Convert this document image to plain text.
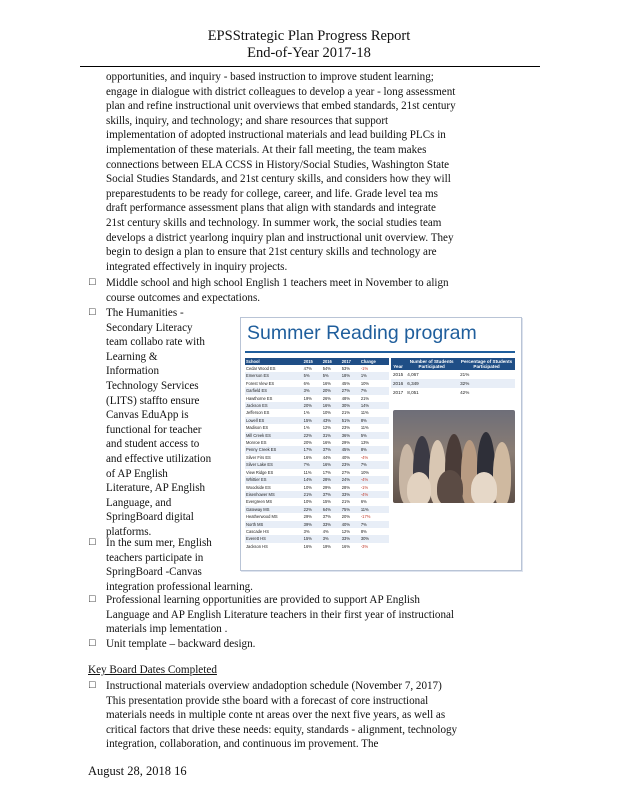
EPSStrategic Plan Progress Report
End-of-Year 2017-18
opportunities, and inquiry - based instruction to improve student learning;
engage in dialogue with district colleagues to develop a year - long assessment
plan and refine instructional unit overviews that embed standards, 21st century
skills, inquiry, and technology; and share resources that support
implementation of adopted instructional materials and lead building PLCs in
implementation of these materials. At their fall meeting, the team makes
connections between ELA CCSS in History/Social Studies, Washington State
Social Studies Standards, and 21st century skills, and considers how they will
preparestudents to be ready for college, career, and life. Grade level tea ms
draft performance assessment plans that align with standards and integrate
21st century skills and technology. In summer work, the social studies team
develops a district yearlong inquiry plan and instructional unit overview. They
begin to design a plan to ensure that 21st century skills and technology are
integrated effectively in inquiry projects.
□ Middle school and high school English 1 teachers meet in November to align
course outcomes and expectations.
□ The Humanities -
Secondary Literacy
team collabo rate with
Learning &
Information
Technology Services
(LITS) staffto ensure
Canvas EduApp is
functional for teacher
and student access to
and effective utilization
of AP English
Literature, AP English
Language, and
SpringBoard digital
platforms.
□ In the sum mer, English
teachers participate in
SpringBoard -Canvas
integration professional learning.
□ Professional learning opportunities are provided to support AP English
Language and AP English Literature teachers in their first year of instructional
materials imp lementation .
□ Unit template – backward design.
Key Board Dates Completed
□ Instructional materials overview andadoption schedule (November 7, 2017)
This presentation provide sthe board with a forecast of core instructional
materials needs in multiple conte nt areas over the next five years, as well as
critical factors that drive these needs: equity, standards - alignment, technology
integration, collaboration, and continuous im provement. The
August 28, 2018 16
Summer Reading program
School	2015	2016	2017	Change
Cedar Wood ES	47%	54%	53%	-1%
Emerson ES	5%	5%	18%	1%
Forest View ES	6%	16%	45%	10%
Garfield ES	3%	20%	27%	7%
Hawthorne ES	19%	26%	48%	21%
Jackson ES	20%	16%	30%	14%
Jefferson ES	1%	10%	21%	11%
Lowell ES	15%	43%	51%	8%
Madison ES	1%	12%	23%	11%
Mill Creek ES	22%	31%	36%	5%
Monroe ES	20%	16%	29%	13%
Penny Creek ES	17%	37%	45%	8%
Silver Firs ES	16%	44%	40%	-4%
Silver Lake ES	7%	16%	23%	7%
View Ridge ES	11%	17%	27%	10%
Whittier ES	14%	28%	24%	-4%
Woodside ES	10%	29%	28%	-1%
Eisenhower MS	21%	37%	33%	-4%
Evergreen MS	10%	15%	21%	6%
Gateway MS	22%	64%	75%	11%
Heatherwood MS	29%	37%	20%	-17%
North MS	39%	33%	40%	7%
Cascade HS	3%	4%	12%	8%
Everett HS	15%	3%	33%	30%
Jackson HS	16%	19%	16%	-3%
Year	Number of Students Participated	Percentage of Students Participated
2015	4,067	21%
2016	6,349	32%
2017	8,051	42%
